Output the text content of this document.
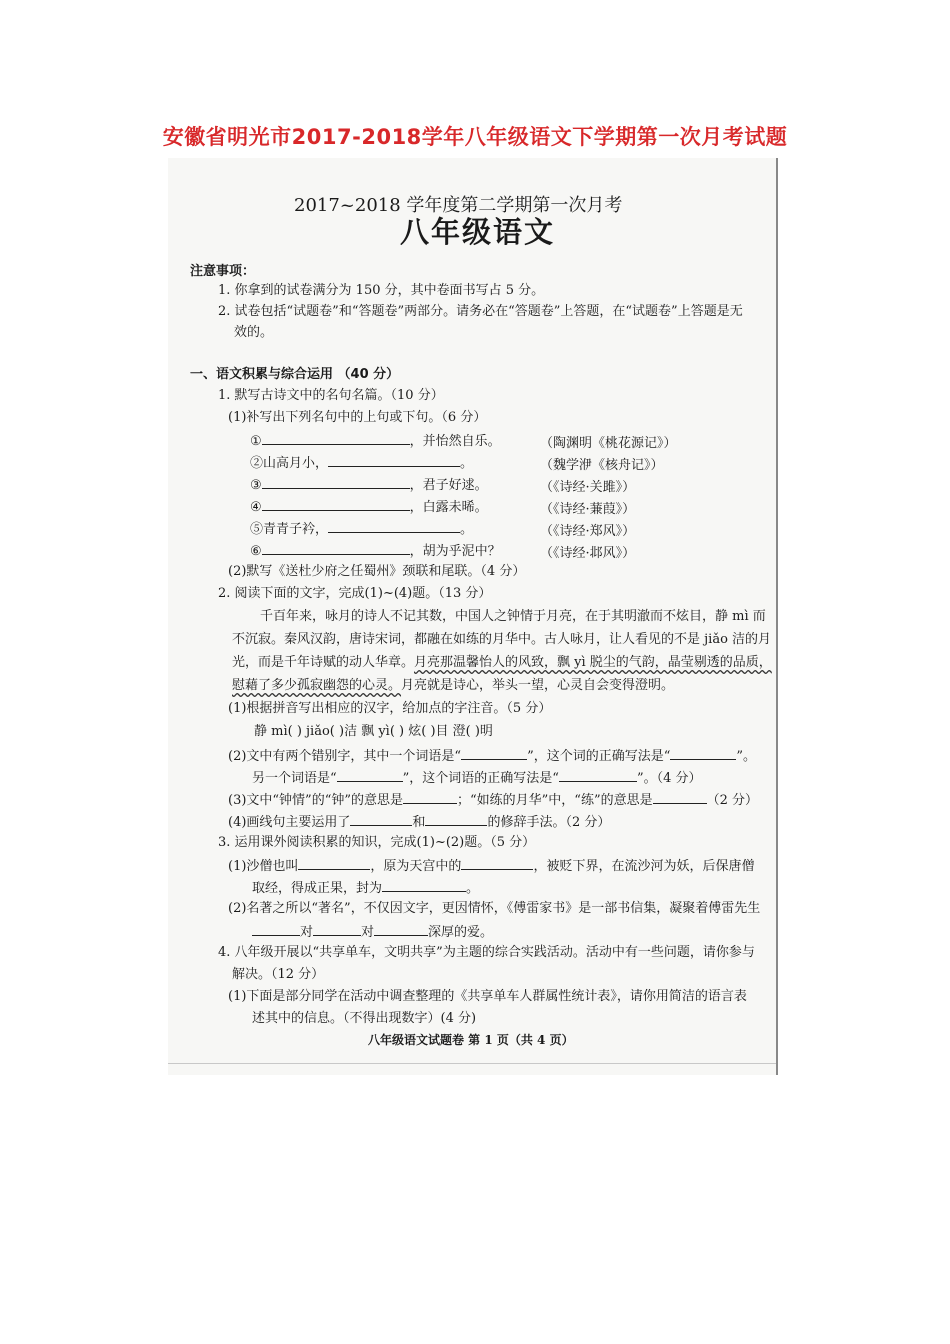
安徽省明光市2017-2018学年八年级语文下学期第一次月考试题
2017~2018 学年度第二学期第一次月考
八年级语文
注意事项：
1. 你拿到的试卷满分为 150 分，其中卷面书写占 5 分。
2. 试卷包括“试题卷”和“答题卷”两部分。请务必在“答题卷”上答题，在“试题卷”上答题是无
效的。
一、语文积累与综合运用 （40 分）
1. 默写古诗文中的名句名篇。（10 分）
(1)补写出下列名句中的上句或下句。（6 分）
①	，并怡然自乐。	（陶渊明《桃花源记》）
②山高月小，	。	（魏学洢《核舟记》）
③	，君子好逑。	（《诗经·关雎》）
④	，白露未晞。	（《诗经·蒹葭》）
⑤青青子衿，	。	（《诗经·郑风》）
⑥	，胡为乎泥中？	（《诗经·邶风》）
(2)默写《送杜少府之任蜀州》颈联和尾联。（4 分）
2. 阅读下面的文字，完成(1)~(4)题。（13 分）
千百年来，咏月的诗人不记其数，中国人之钟情于月亮，在于其明澈而不炫目，静 mì 而
不沉寂。秦风汉韵，唐诗宋词，都融在如练的月华中。古人咏月，让人看见的不是 jiǎo 洁的月
光，而是千年诗赋的动人华章。月亮那温馨怡人的风致，飘 yì 脱尘的气韵，晶莹剔透的品质，
慰藉了多少孤寂幽怨的心灵。月亮就是诗心，举头一望，心灵自会变得澄明。
(1)根据拼音写出相应的汉字，给加点的字注音。（5 分）
静 mì( ) jiǎo( )洁 飘 yì( ) 炫( )目 澄( )明
(2)文中有两个错别字，其中一个词语是“	”，这个词的正确写法是“	”。
另一个词语是“	”，这个词语的正确写法是“	”。（4 分）
(3)文中“钟情”的“钟”的意思是	；“如练的月华”中，“练”的意思是	（2 分）
(4)画线句主要运用了	和	的修辞手法。（2 分）
3. 运用课外阅读积累的知识，完成(1)~(2)题。（5 分）
(1)沙僧也叫	，原为天宫中的	，被贬下界，在流沙河为妖，后保唐僧
取经，得成正果，封为	。
(2)名著之所以“著名”，不仅因文字，更因情怀，《傅雷家书》是一部书信集，凝聚着傅雷先生
对	对	深厚的爱。
4. 八年级开展以“共享单车，文明共享”为主题的综合实践活动。活动中有一些问题，请你参与
解决。（12 分）
(1)下面是部分同学在活动中调查整理的《共享单车人群属性统计表》，请你用简洁的语言表
述其中的信息。（不得出现数字）(4 分)
八年级语文试题卷 第 1 页（共 4 页）
